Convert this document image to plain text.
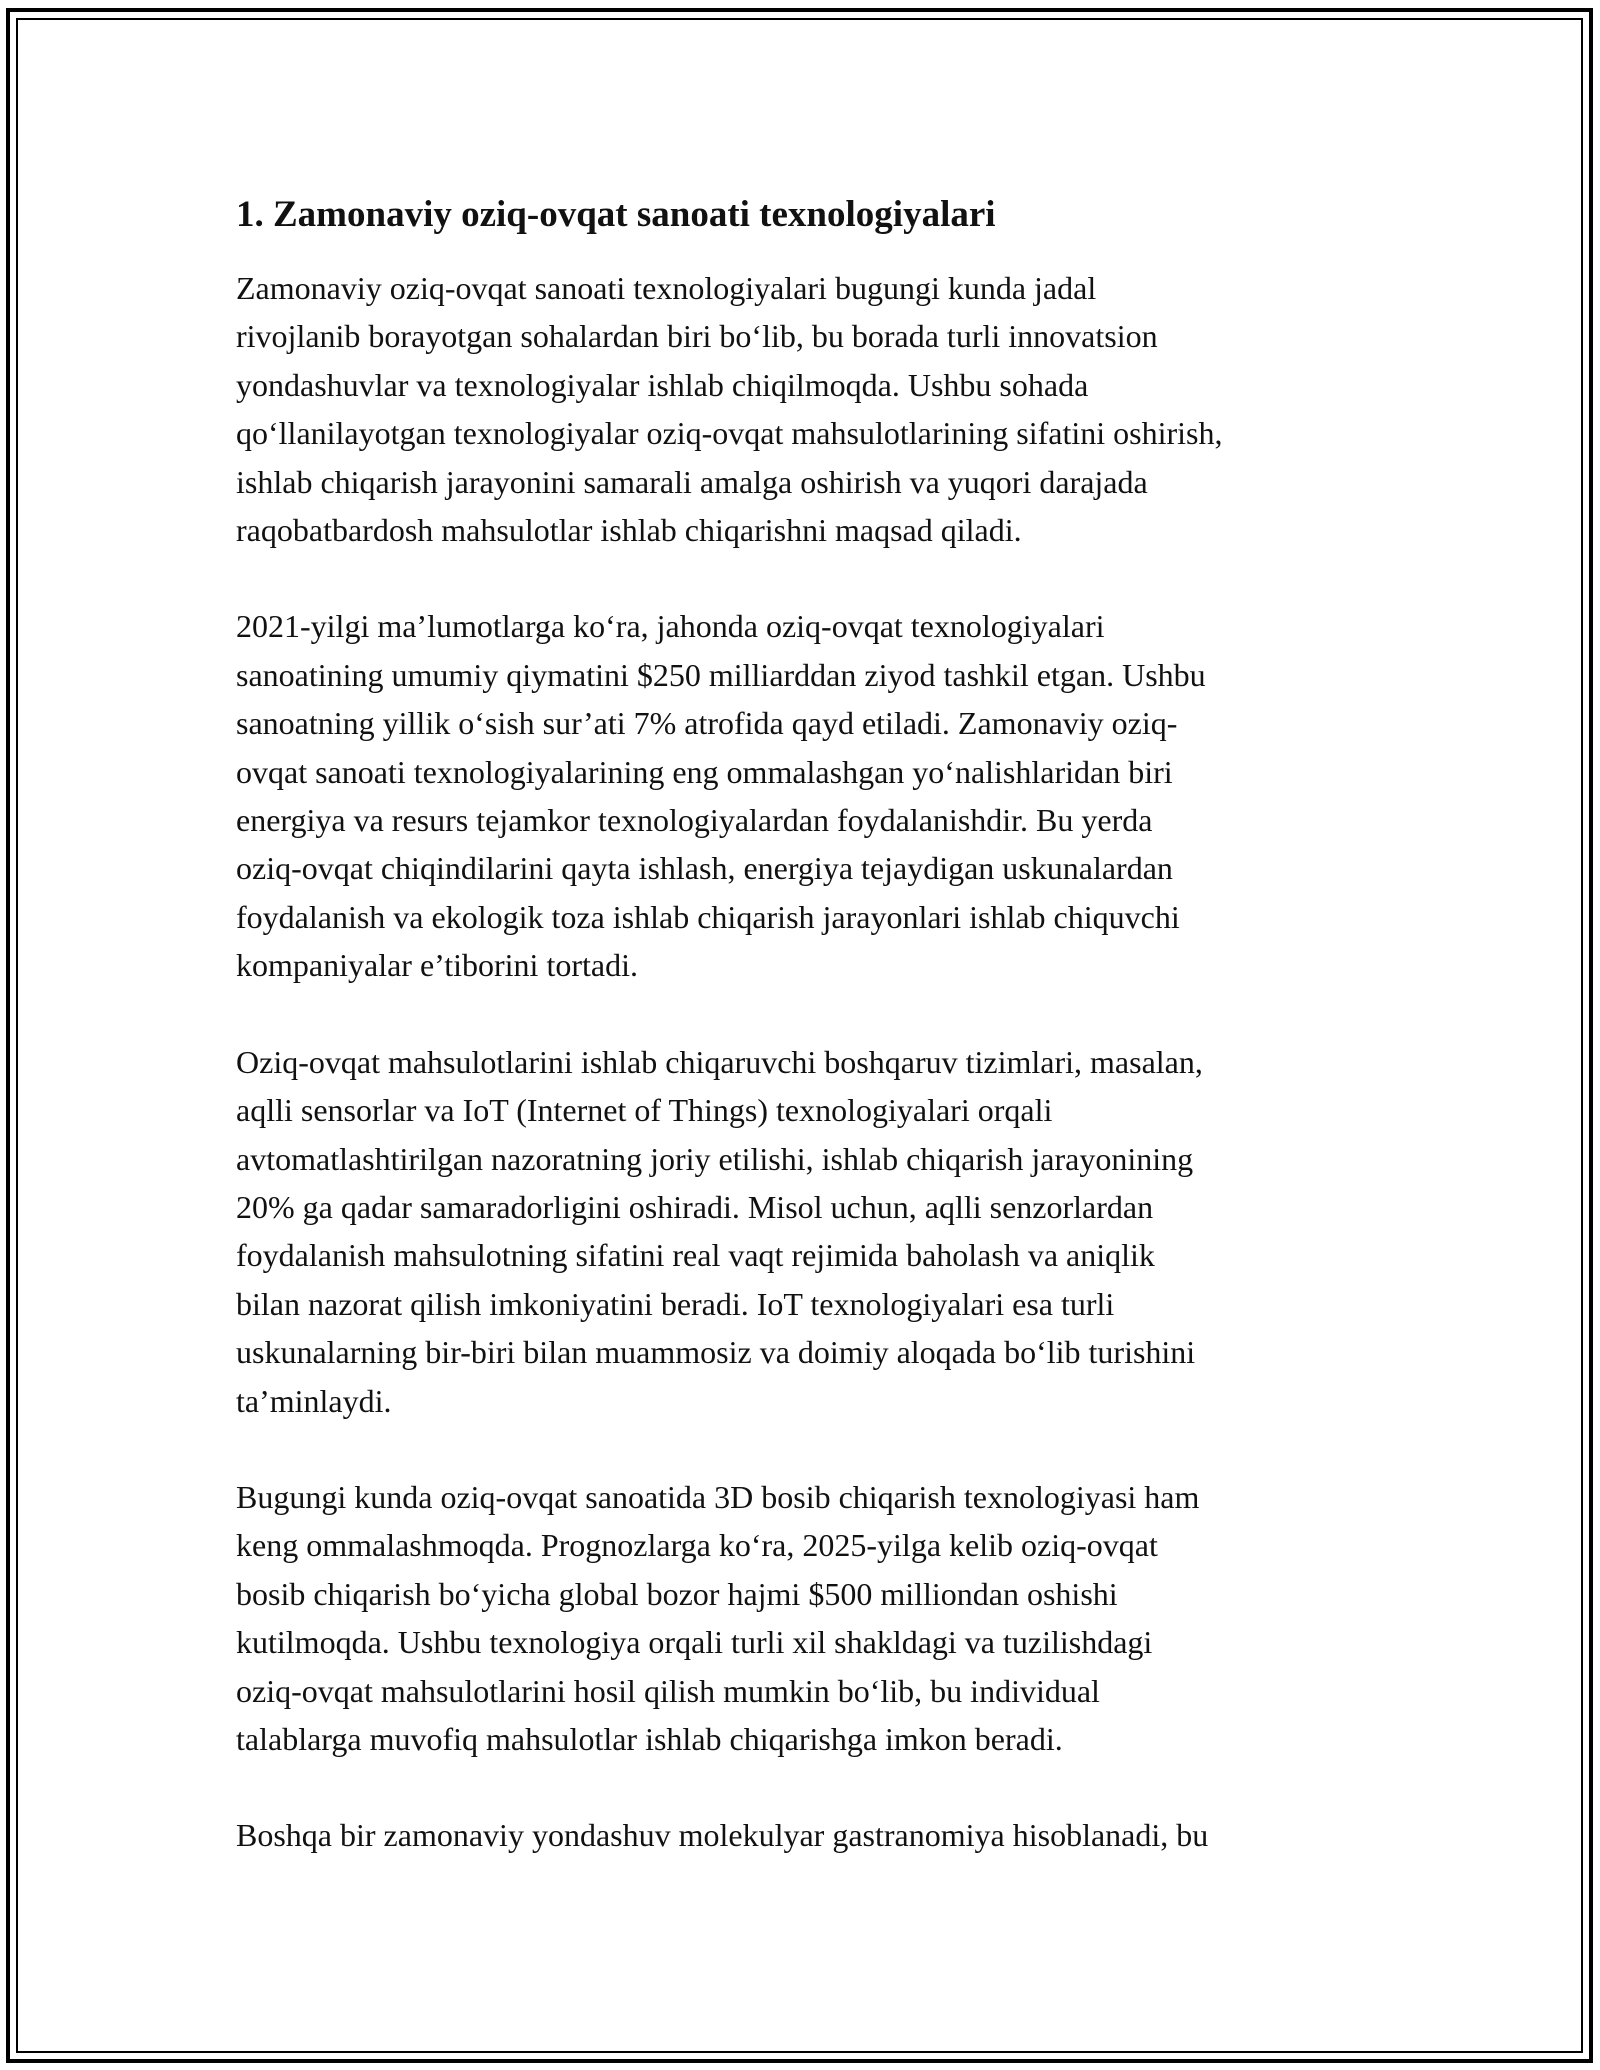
1. Zamonaviy oziq-ovqat sanoati texnologiyalari

Zamonaviy oziq-ovqat sanoati texnologiyalari bugungi kunda jadal
rivojlanib borayotgan sohalardan biri bo‘lib, bu borada turli innovatsion
yondashuvlar va texnologiyalar ishlab chiqilmoqda. Ushbu sohada
qo‘llanilayotgan texnologiyalar oziq-ovqat mahsulotlarining sifatini oshirish,
ishlab chiqarish jarayonini samarali amalga oshirish va yuqori darajada
raqobatbardosh mahsulotlar ishlab chiqarishni maqsad qiladi.

2021-yilgi ma’lumotlarga ko‘ra, jahonda oziq-ovqat texnologiyalari
sanoatining umumiy qiymatini $250 milliarddan ziyod tashkil etgan. Ushbu
sanoatning yillik o‘sish sur’ati 7% atrofida qayd etiladi. Zamonaviy oziq-
ovqat sanoati texnologiyalarining eng ommalashgan yo‘nalishlaridan biri
energiya va resurs tejamkor texnologiyalardan foydalanishdir. Bu yerda
oziq-ovqat chiqindilarini qayta ishlash, energiya tejaydigan uskunalardan
foydalanish va ekologik toza ishlab chiqarish jarayonlari ishlab chiquvchi
kompaniyalar e’tiborini tortadi.

Oziq-ovqat mahsulotlarini ishlab chiqaruvchi boshqaruv tizimlari, masalan,
aqlli sensorlar va IoT (Internet of Things) texnologiyalari orqali
avtomatlashtirilgan nazoratning joriy etilishi, ishlab chiqarish jarayonining
20% ga qadar samaradorligini oshiradi. Misol uchun, aqlli senzorlardan
foydalanish mahsulotning sifatini real vaqt rejimida baholash va aniqlik
bilan nazorat qilish imkoniyatini beradi. IoT texnologiyalari esa turli
uskunalarning bir-biri bilan muammosiz va doimiy aloqada bo‘lib turishini
ta’minlaydi.

Bugungi kunda oziq-ovqat sanoatida 3D bosib chiqarish texnologiyasi ham
keng ommalashmoqda. Prognozlarga ko‘ra, 2025-yilga kelib oziq-ovqat
bosib chiqarish bo‘yicha global bozor hajmi $500 milliondan oshishi
kutilmoqda. Ushbu texnologiya orqali turli xil shakldagi va tuzilishdagi
oziq-ovqat mahsulotlarini hosil qilish mumkin bo‘lib, bu individual
talablarga muvofiq mahsulotlar ishlab chiqarishga imkon beradi.

Boshqa bir zamonaviy yondashuv molekulyar gastranomiya hisoblanadi, bu
